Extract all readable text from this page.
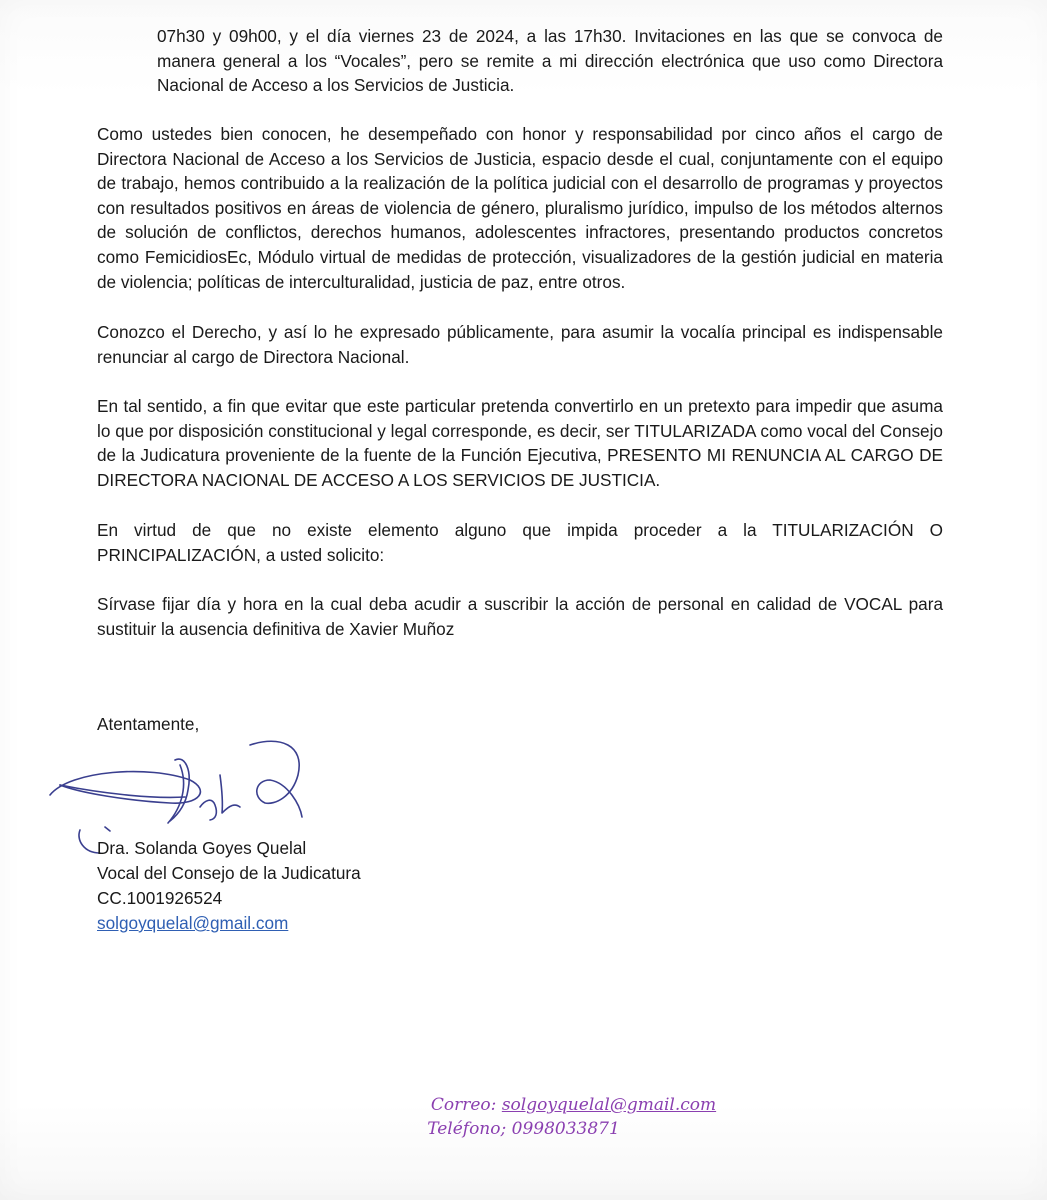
07h30 y 09h00, y el día viernes 23 de 2024, a las 17h30. Invitaciones en las que se convoca de manera general a los “Vocales”, pero se remite a mi dirección electrónica que uso como Directora Nacional de Acceso a los Servicios de Justicia.

Como ustedes bien conocen, he desempeñado con honor y responsabilidad por cinco años el cargo de Directora Nacional de Acceso a los Servicios de Justicia, espacio desde el cual, conjuntamente con el equipo de trabajo, hemos contribuido a la realización de la política judicial con el desarrollo de programas y proyectos con resultados positivos en áreas de violencia de género, pluralismo jurídico, impulso de los métodos alternos de solución de conflictos, derechos humanos, adolescentes infractores, presentando productos concretos como FemicidiosEc, Módulo virtual de medidas de protección, visualizadores de la gestión judicial en materia de violencia; políticas de interculturalidad, justicia de paz, entre otros.

Conozco el Derecho, y así lo he expresado públicamente, para asumir la vocalía principal es indispensable renunciar al cargo de Directora Nacional.

En tal sentido, a fin que evitar que este particular pretenda convertirlo en un pretexto para impedir que asuma lo que por disposición constitucional y legal corresponde, es decir, ser TITULARIZADA como vocal del Consejo de la Judicatura proveniente de la fuente de la Función Ejecutiva, PRESENTO MI RENUNCIA AL CARGO DE DIRECTORA NACIONAL DE ACCESO A LOS SERVICIOS DE JUSTICIA.

En virtud de que no existe elemento alguno que impida proceder a la TITULARIZACIÓN O PRINCIPALIZACIÓN, a usted solicito:

Sírvase fijar día y hora en la cual deba acudir a suscribir la acción de personal en calidad de VOCAL para sustituir la ausencia definitiva de Xavier Muñoz

Atentamente,
Dra. Solanda Goyes Quelal
Vocal del Consejo de la Judicatura
CC.1001926524
solgoyquelal@gmail.com
Correo: solgoyquelal@gmail.com
Teléfono; 0998033871
